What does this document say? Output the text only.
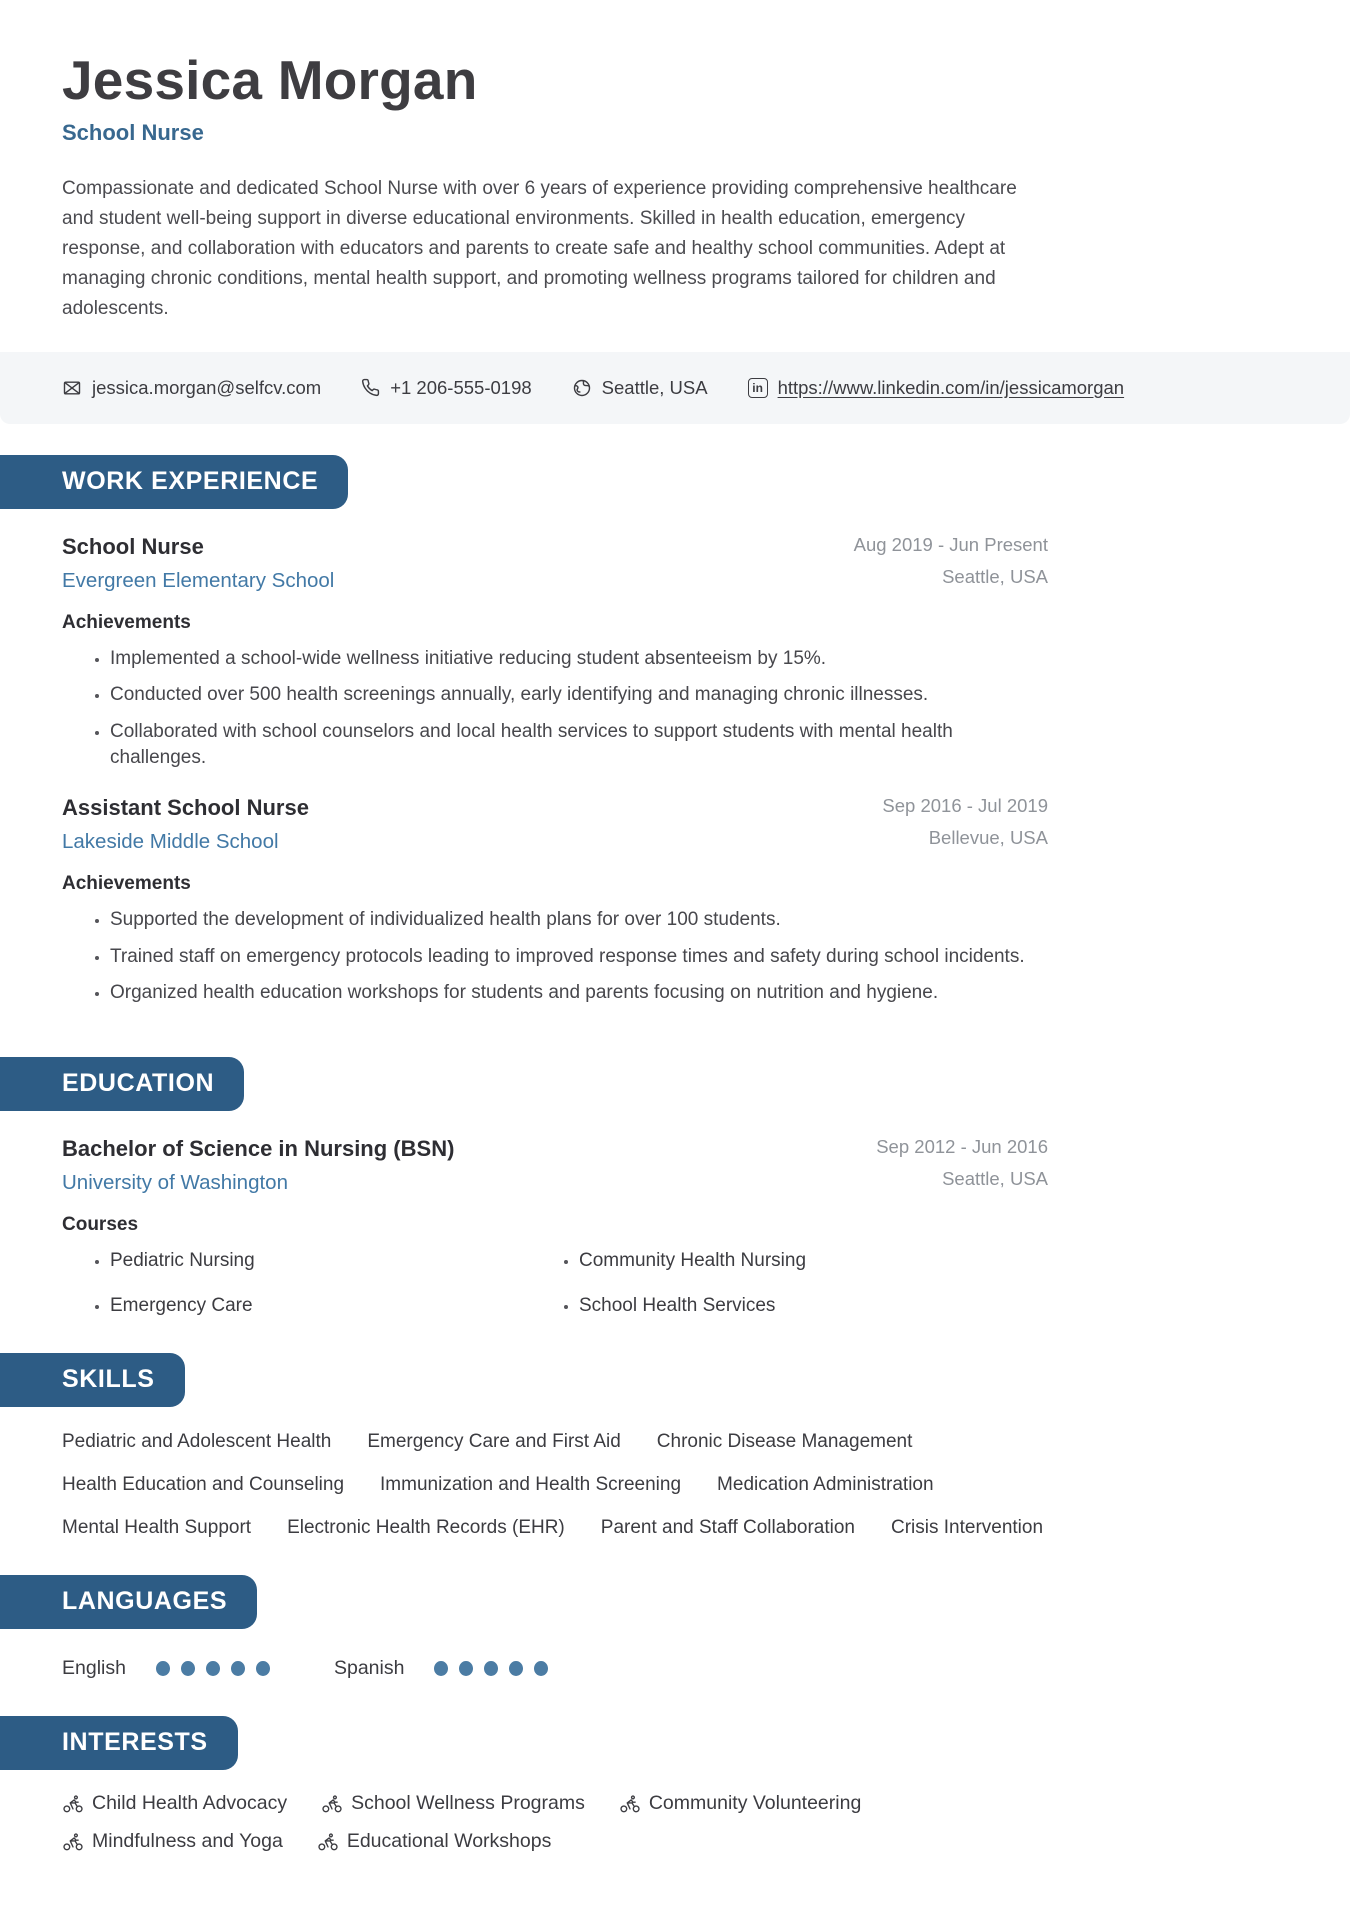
Jessica Morgan
School Nurse
Compassionate and dedicated School Nurse with over 6 years of experience providing comprehensive healthcare and student well-being support in diverse educational environments. Skilled in health education, emergency response, and collaboration with educators and parents to create safe and healthy school communities. Adept at managing chronic conditions, mental health support, and promoting wellness programs tailored for children and adolescents.
jessica.morgan@selfcv.com	+1 206-555-0198	Seattle, USA	in https://www.linkedin.com/in/jessicamorgan
WORK EXPERIENCE
School Nurse
Evergreen Elementary School
Aug 2019 - Jun Present
Seattle, USA
Achievements
• Implemented a school-wide wellness initiative reducing student absenteeism by 15%.
• Conducted over 500 health screenings annually, early identifying and managing chronic illnesses.
• Collaborated with school counselors and local health services to support students with mental health challenges.
Assistant School Nurse
Lakeside Middle School
Sep 2016 - Jul 2019
Bellevue, USA
Achievements
• Supported the development of individualized health plans for over 100 students.
• Trained staff on emergency protocols leading to improved response times and safety during school incidents.
• Organized health education workshops for students and parents focusing on nutrition and hygiene.
EDUCATION
Bachelor of Science in Nursing (BSN)
University of Washington
Sep 2012 - Jun 2016
Seattle, USA
Courses
• Pediatric Nursing	• Community Health Nursing
• Emergency Care	• School Health Services
SKILLS
Pediatric and Adolescent Health Emergency Care and First Aid Chronic Disease Management
Health Education and Counseling Immunization and Health Screening Medication Administration
Mental Health Support Electronic Health Records (EHR) Parent and Staff Collaboration Crisis Intervention
LANGUAGES
English	Spanish
INTERESTS
Child Health Advocacy	School Wellness Programs	Community Volunteering
Mindfulness and Yoga	Educational Workshops
